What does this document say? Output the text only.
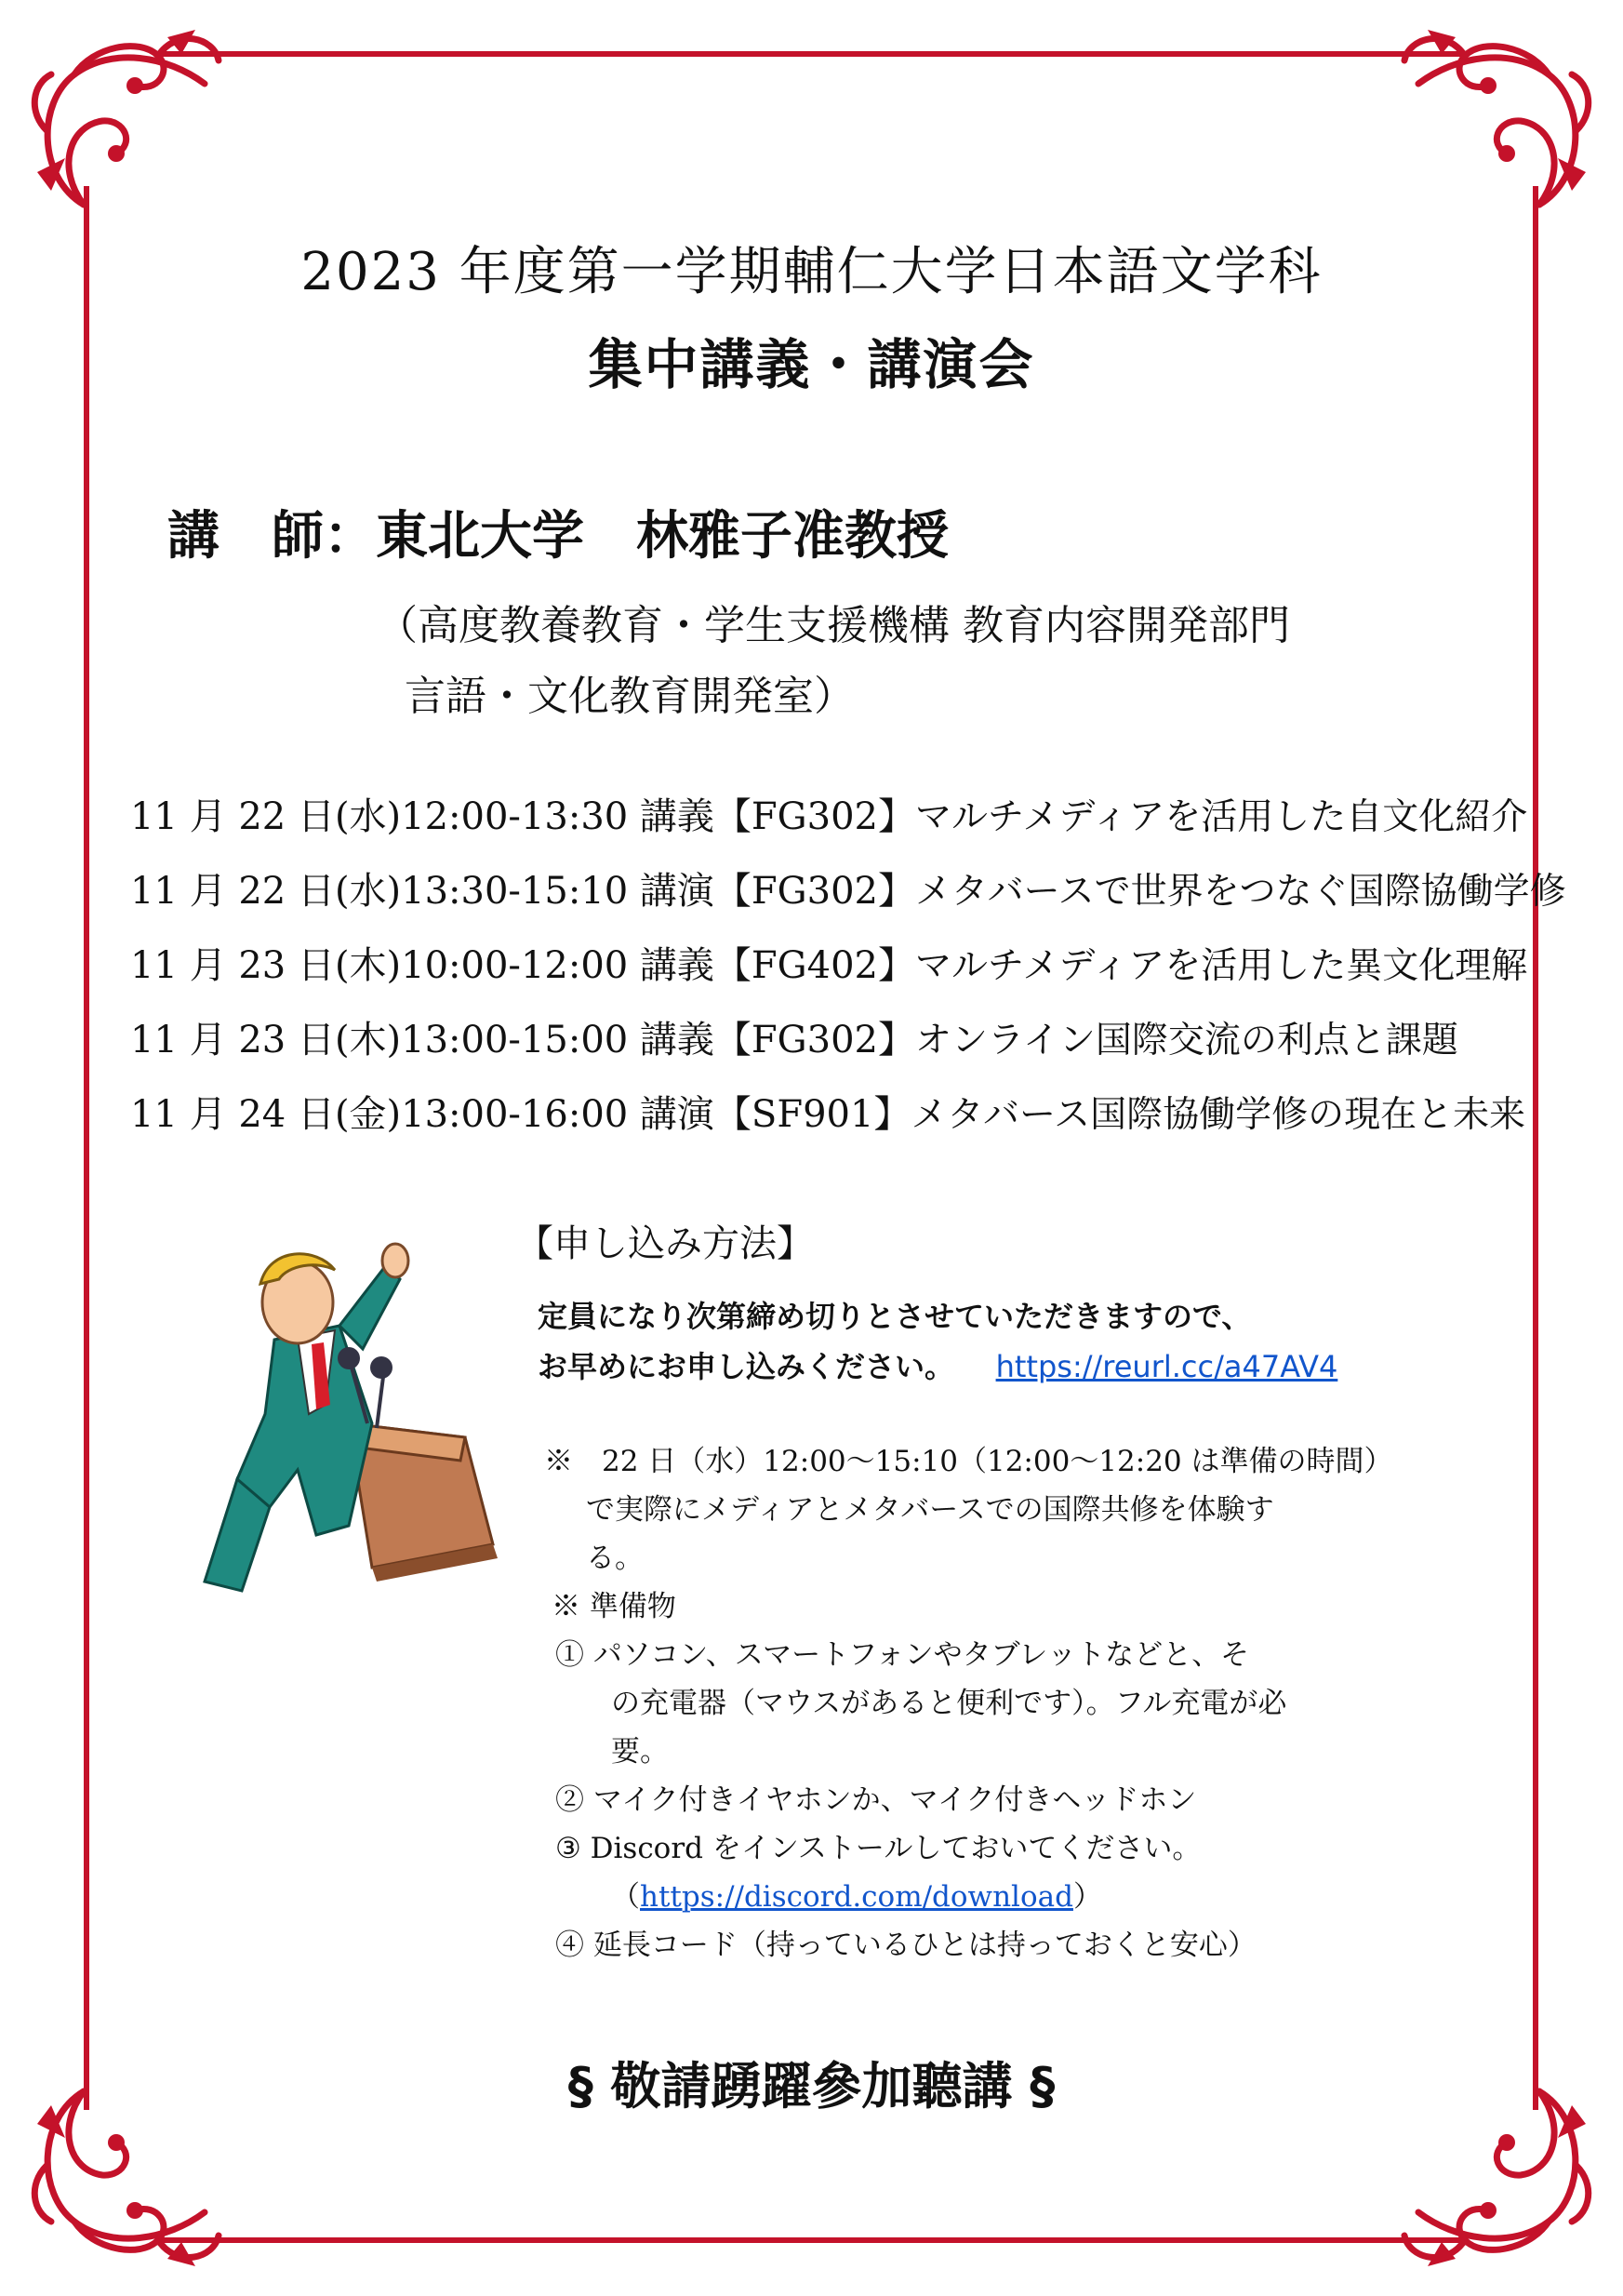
2023 年度第一学期輔仁大学日本語文学科
集中講義・講演会
講　師：東北大学　林雅子准教授
（高度教養教育・学生支援機構 教育内容開発部門
言語・文化教育開発室）
11 月 22 日(水)12:00-13:30 講義【FG302】マルチメディアを活用した自文化紹介
11 月 22 日(水)13:30-15:10 講演【FG302】メタバースで世界をつなぐ国際協働学修
11 月 23 日(木)10:00-12:00 講義【FG402】マルチメディアを活用した異文化理解
11 月 23 日(木)13:00-15:00 講義【FG302】オンライン国際交流の利点と課題
11 月 24 日(金)13:00-16:00 講演【SF901】メタバース国際協働学修の現在と未来
【申し込み方法】
定員になり次第締め切りとさせていただきますので、
お早めにお申し込みください。 https://reurl.cc/a47AV4
※　22 日（水）12:00～15:10（12:00～12:20 は準備の時間）
で実際にメディアとメタバースでの国際共修を体験す
る。
※ 準備物
① パソコン、スマートフォンやタブレットなどと、そ
の充電器（マウスがあると便利です）。フル充電が必
要。
② マイク付きイヤホンか、マイク付きヘッドホン
③ Discord をインストールしておいてください。
（https://discord.com/download）
④ 延長コード（持っているひとは持っておくと安心）
§ 敬請踴躍參加聽講 §
